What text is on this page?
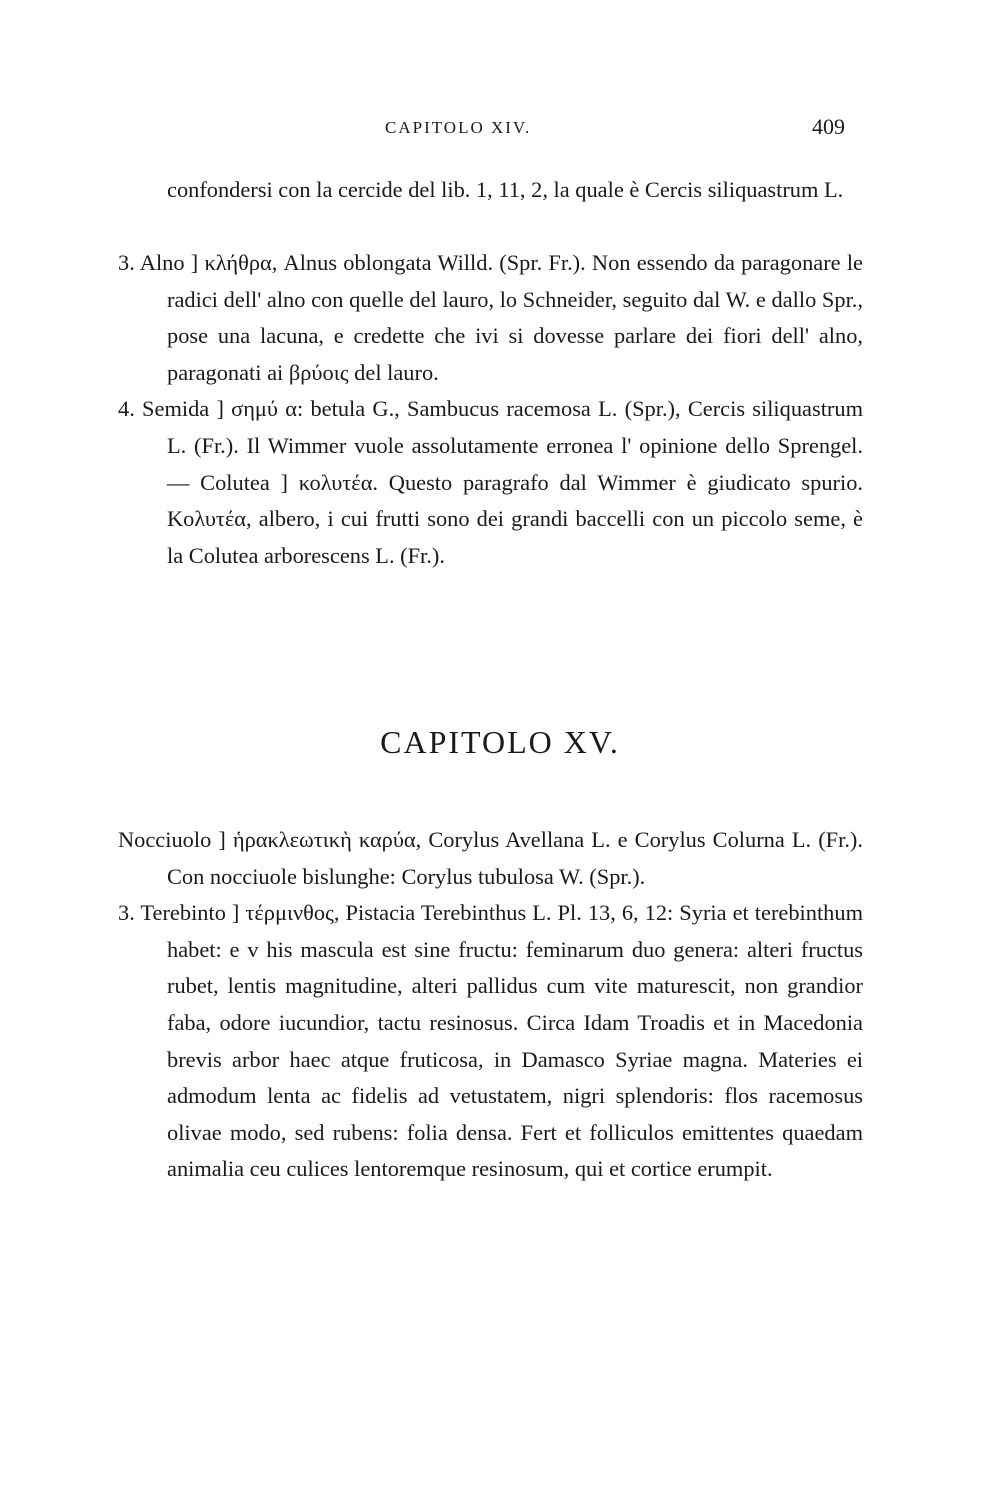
CAPITOLO XIV.	409

confondersi con la cercide del lib. 1, 11, 2, la quale è Cercis siliquastrum L.

3. Alno ] κλήθρα, Alnus oblongata Willd. (Spr. Fr.). Non essendo da paragonare le radici dell' alno con quelle del lauro, lo Schneider, seguito dal W. e dallo Spr., pose una lacuna, e credette che ivi si dovesse parlare dei fiori dell' alno, paragonati ai βρύοις del lauro.

4. Semida ] σημύ α: betula G., Sambucus racemosa L. (Spr.), Cercis siliquastrum L. (Fr.). Il Wimmer vuole assolutamente erronea l' opinione dello Sprengel. — Colutea ] κολυτέα. Questo paragrafo dal Wimmer è giudicato spurio. Κολυτέα, albero, i cui frutti sono dei grandi baccelli con un piccolo seme, è la Colutea arborescens L. (Fr.).

CAPITOLO XV.

Nocciuolo ] ἡρακλεωτικὴ καρύα, Corylus Avellana L. e Corylus Colurna L. (Fr.). Con nocciuole bislunghe: Corylus tubulosa W. (Spr.).

3. Terebinto ] τέρμινθος, Pistacia Terebinthus L. Pl. 13, 6, 12: Syria et terebinthum habet: e v his mascula est sine fructu: feminarum duo genera: alteri fructus rubet, lentis magnitudine, alteri pallidus cum vite maturescit, non grandior faba, odore iucundior, tactu resinosus. Circa Idam Troadis et in Macedonia brevis arbor haec atque fruticosa, in Damasco Syriae magna. Materies ei admodum lenta ac fidelis ad vetustatem, nigri splendoris: flos racemosus olivae modo, sed rubens: folia densa. Fert et folliculos emittentes quaedam animalia ceu culices lentoremque resinosum, qui et cortice erumpit.
